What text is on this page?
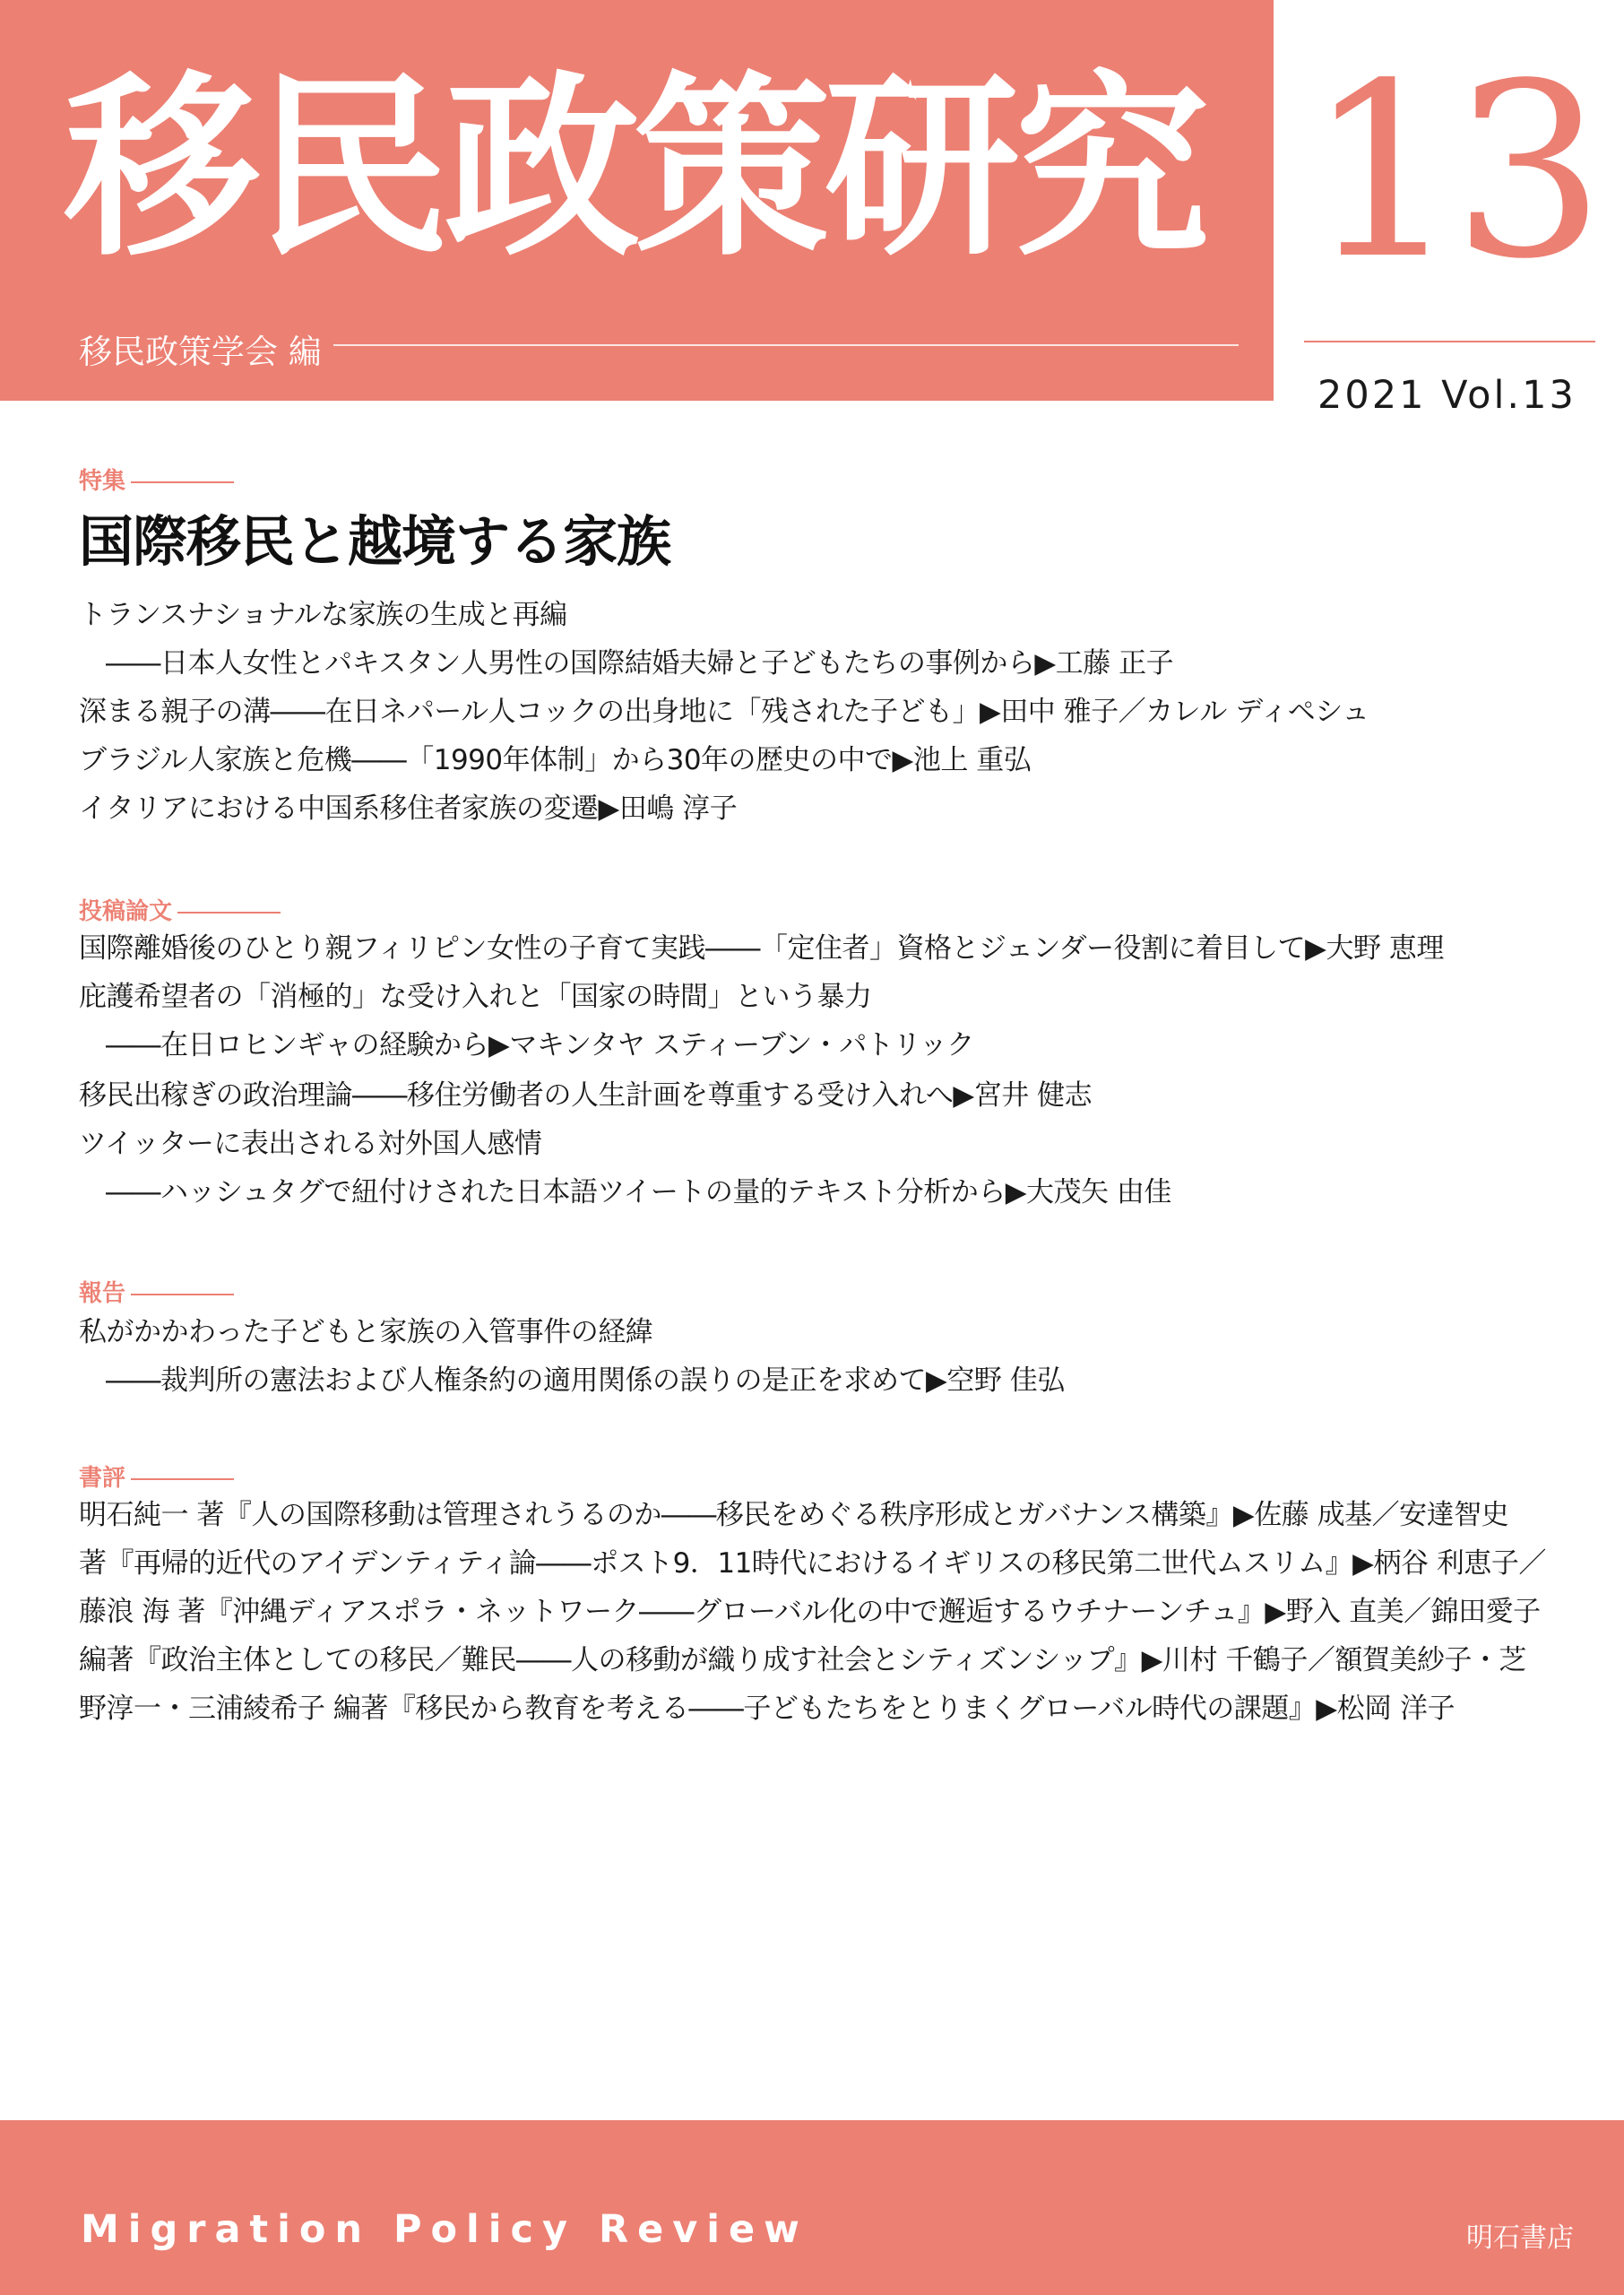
移民政策研究
移民政策学会 編
13
2021 Vol.13
特集
国際移民と越境する家族
トランスナショナルな家族の生成と再編
――日本人女性とパキスタン人男性の国際結婚夫婦と子どもたちの事例から▶工藤 正子
深まる親子の溝――在日ネパール人コックの出身地に「残された子ども」▶田中 雅子／カレル ディペシュ
ブラジル人家族と危機――「1990年体制」から30年の歴史の中で▶池上 重弘
イタリアにおける中国系移住者家族の変遷▶田嶋 淳子
投稿論文
国際離婚後のひとり親フィリピン女性の子育て実践――「定住者」資格とジェンダー役割に着目して▶大野 恵理
庇護希望者の「消極的」な受け入れと「国家の時間」という暴力
――在日ロヒンギャの経験から▶マキンタヤ スティーブン・パトリック
移民出稼ぎの政治理論――移住労働者の人生計画を尊重する受け入れへ▶宮井 健志
ツイッターに表出される対外国人感情
――ハッシュタグで紐付けされた日本語ツイートの量的テキスト分析から▶大茂矢 由佳
報告
私がかかわった子どもと家族の入管事件の経緯
――裁判所の憲法および人権条約の適用関係の誤りの是正を求めて▶空野 佳弘
書評
明石純一 著『人の国際移動は管理されうるのか――移民をめぐる秩序形成とガバナンス構築』▶佐藤 成基／安達智史
著『再帰的近代のアイデンティティ論――ポスト9．11時代におけるイギリスの移民第二世代ムスリム』▶柄谷 利恵子／
藤浪 海 著『沖縄ディアスポラ・ネットワーク――グローバル化の中で邂逅するウチナーンチュ』▶野入 直美／錦田愛子
編著『政治主体としての移民／難民――人の移動が織り成す社会とシティズンシップ』▶川村 千鶴子／額賀美紗子・芝
野淳一・三浦綾希子 編著『移民から教育を考える――子どもたちをとりまくグローバル時代の課題』▶松岡 洋子
Migration Policy Review	明石書店
